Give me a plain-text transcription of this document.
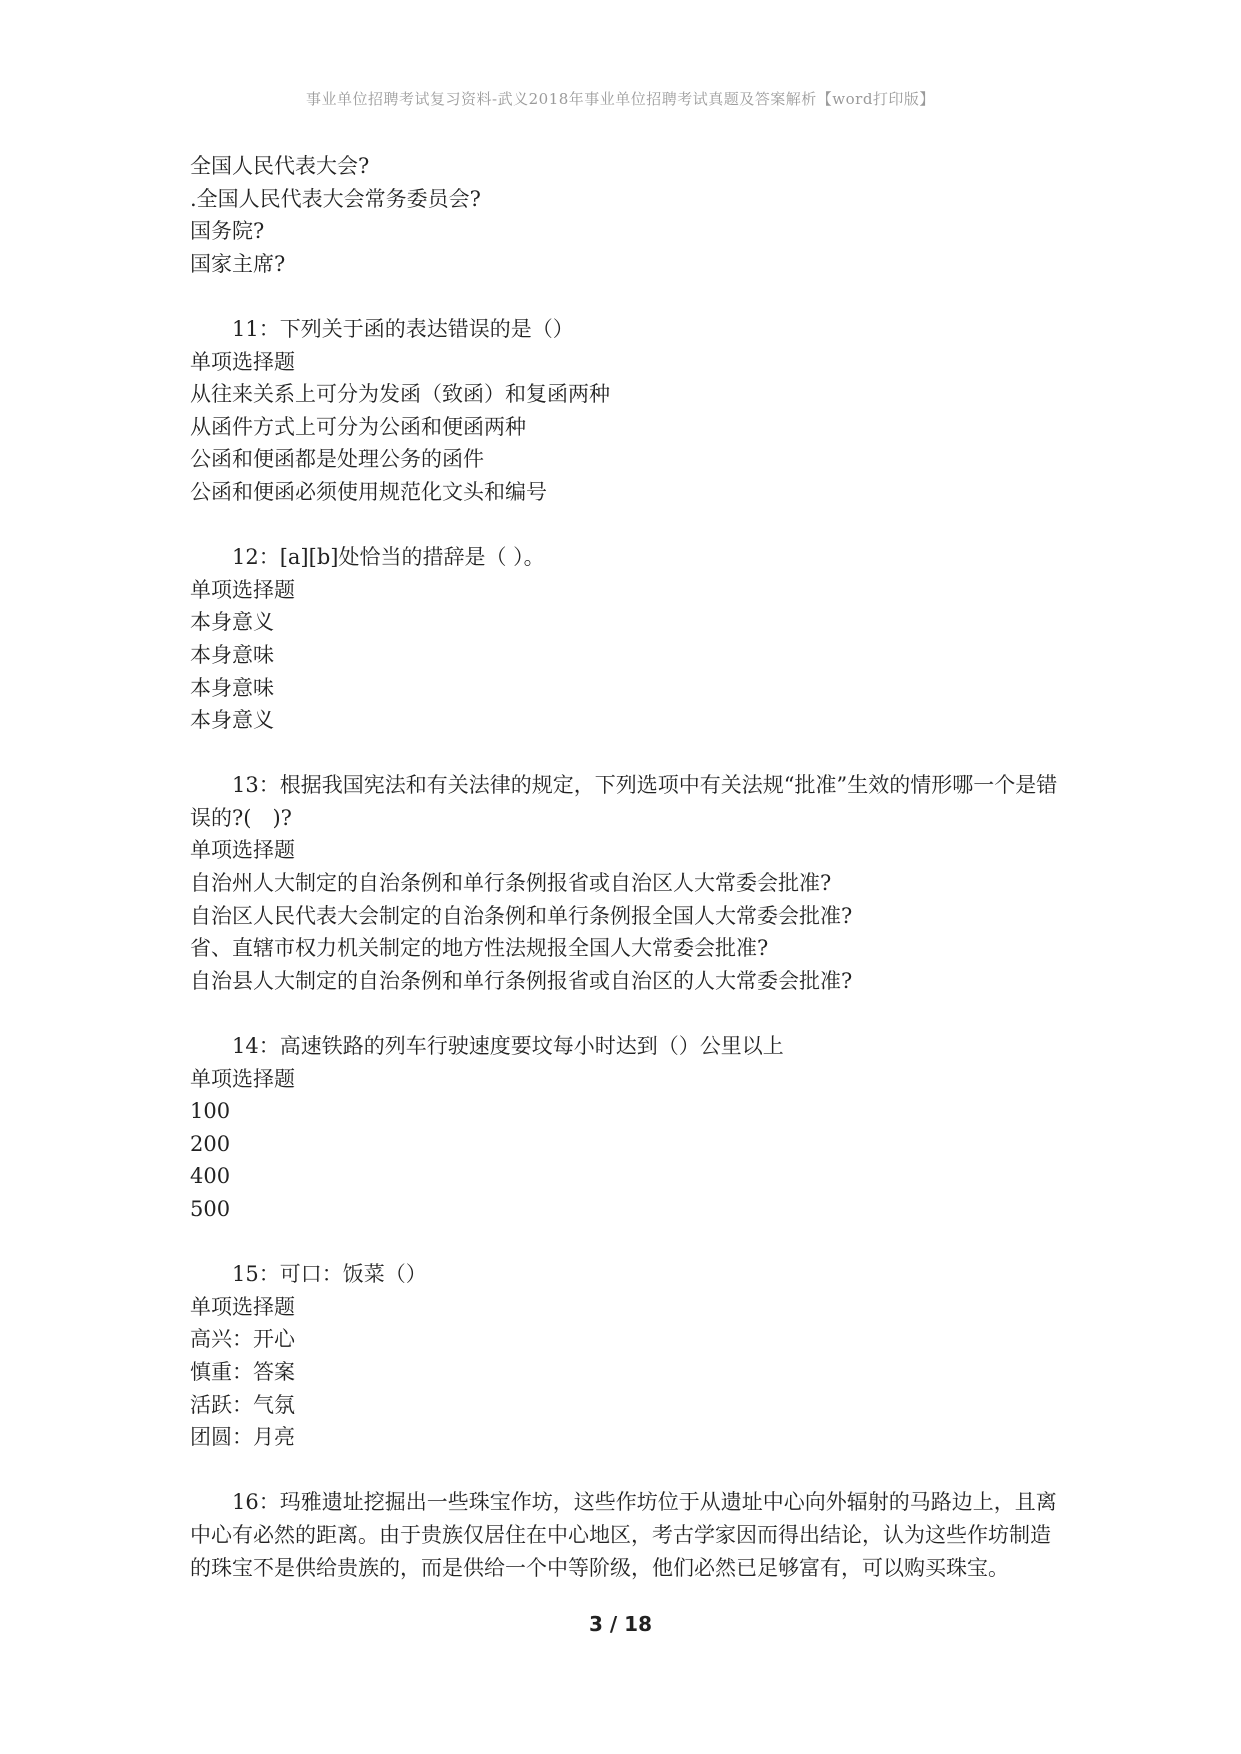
事业单位招聘考试复习资料-武义2018年事业单位招聘考试真题及答案解析【word打印版】
全国人民代表大会?
.全国人民代表大会常务委员会?
国务院?
国家主席?
11：下列关于函的表达错误的是（）
单项选择题
从往来关系上可分为发函（致函）和复函两种
从函件方式上可分为公函和便函两种
公函和便函都是处理公务的函件
公函和便函必须使用规范化文头和编号
12：[a][b]处恰当的措辞是（ ）。
单项选择题
本身意义
本身意味
本身意味
本身意义
13：根据我国宪法和有关法律的规定，下列选项中有关法规“批准”生效的情形哪一个是错误的?(　)?
单项选择题
自治州人大制定的自治条例和单行条例报省或自治区人大常委会批准?
自治区人民代表大会制定的自治条例和单行条例报全国人大常委会批准?
省、直辖市权力机关制定的地方性法规报全国人大常委会批准?
自治县人大制定的自治条例和单行条例报省或自治区的人大常委会批准?
14：高速铁路的列车行驶速度要坟每小时达到（）公里以上
单项选择题
100
200
400
500
15：可口：饭菜（）
单项选择题
高兴：开心
慎重：答案
活跃：气氛
团圆：月亮
16：玛雅遗址挖掘出一些珠宝作坊，这些作坊位于从遗址中心向外辐射的马路边上，且离中心有必然的距离。由于贵族仅居住在中心地区，考古学家因而得出结论，认为这些作坊制造的珠宝不是供给贵族的，而是供给一个中等阶级，他们必然已足够富有，可以购买珠宝。
3 / 18
